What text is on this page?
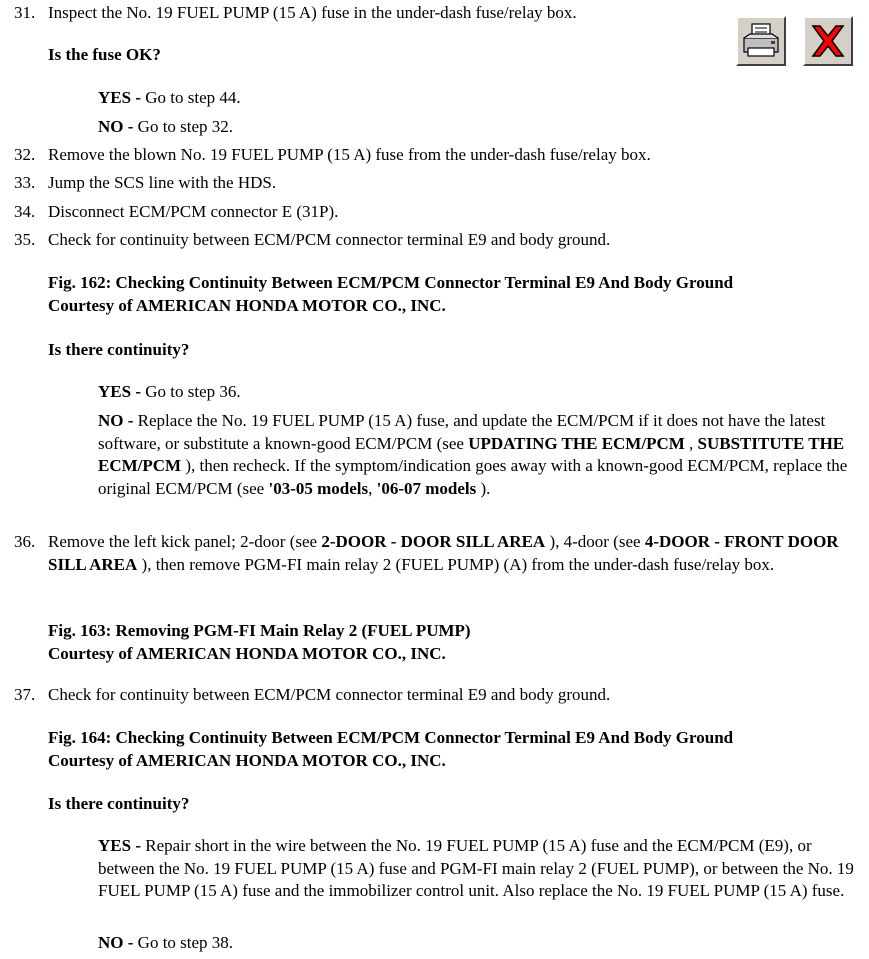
31. Inspect the No. 19 FUEL PUMP (15 A) fuse in the under-dash fuse/relay box.
Is the fuse OK?
YES - Go to step 44.
NO - Go to step 32.
32. Remove the blown No. 19 FUEL PUMP (15 A) fuse from the under-dash fuse/relay box.
33. Jump the SCS line with the HDS.
34. Disconnect ECM/PCM connector E (31P).
35. Check for continuity between ECM/PCM connector terminal E9 and body ground.
Fig. 162: Checking Continuity Between ECM/PCM Connector Terminal E9 And Body Ground
Courtesy of AMERICAN HONDA MOTOR CO., INC.
Is there continuity?
YES - Go to step 36.
NO - Replace the No. 19 FUEL PUMP (15 A) fuse, and update the ECM/PCM if it does not have the latest software, or substitute a known-good ECM/PCM (see UPDATING THE ECM/PCM , SUBSTITUTE THE ECM/PCM ), then recheck. If the symptom/indication goes away with a known-good ECM/PCM, replace the original ECM/PCM (see '03-05 models, '06-07 models ).
36. Remove the left kick panel; 2-door (see 2-DOOR - DOOR SILL AREA ), 4-door (see 4-DOOR - FRONT DOOR SILL AREA ), then remove PGM-FI main relay 2 (FUEL PUMP) (A) from the under-dash fuse/relay box.
Fig. 163: Removing PGM-FI Main Relay 2 (FUEL PUMP)
Courtesy of AMERICAN HONDA MOTOR CO., INC.
37. Check for continuity between ECM/PCM connector terminal E9 and body ground.
Fig. 164: Checking Continuity Between ECM/PCM Connector Terminal E9 And Body Ground
Courtesy of AMERICAN HONDA MOTOR CO., INC.
Is there continuity?
YES - Repair short in the wire between the No. 19 FUEL PUMP (15 A) fuse and the ECM/PCM (E9), or between the No. 19 FUEL PUMP (15 A) fuse and PGM-FI main relay 2 (FUEL PUMP), or between the No. 19 FUEL PUMP (15 A) fuse and the immobilizer control unit. Also replace the No. 19 FUEL PUMP (15 A) fuse.
NO - Go to step 38.
